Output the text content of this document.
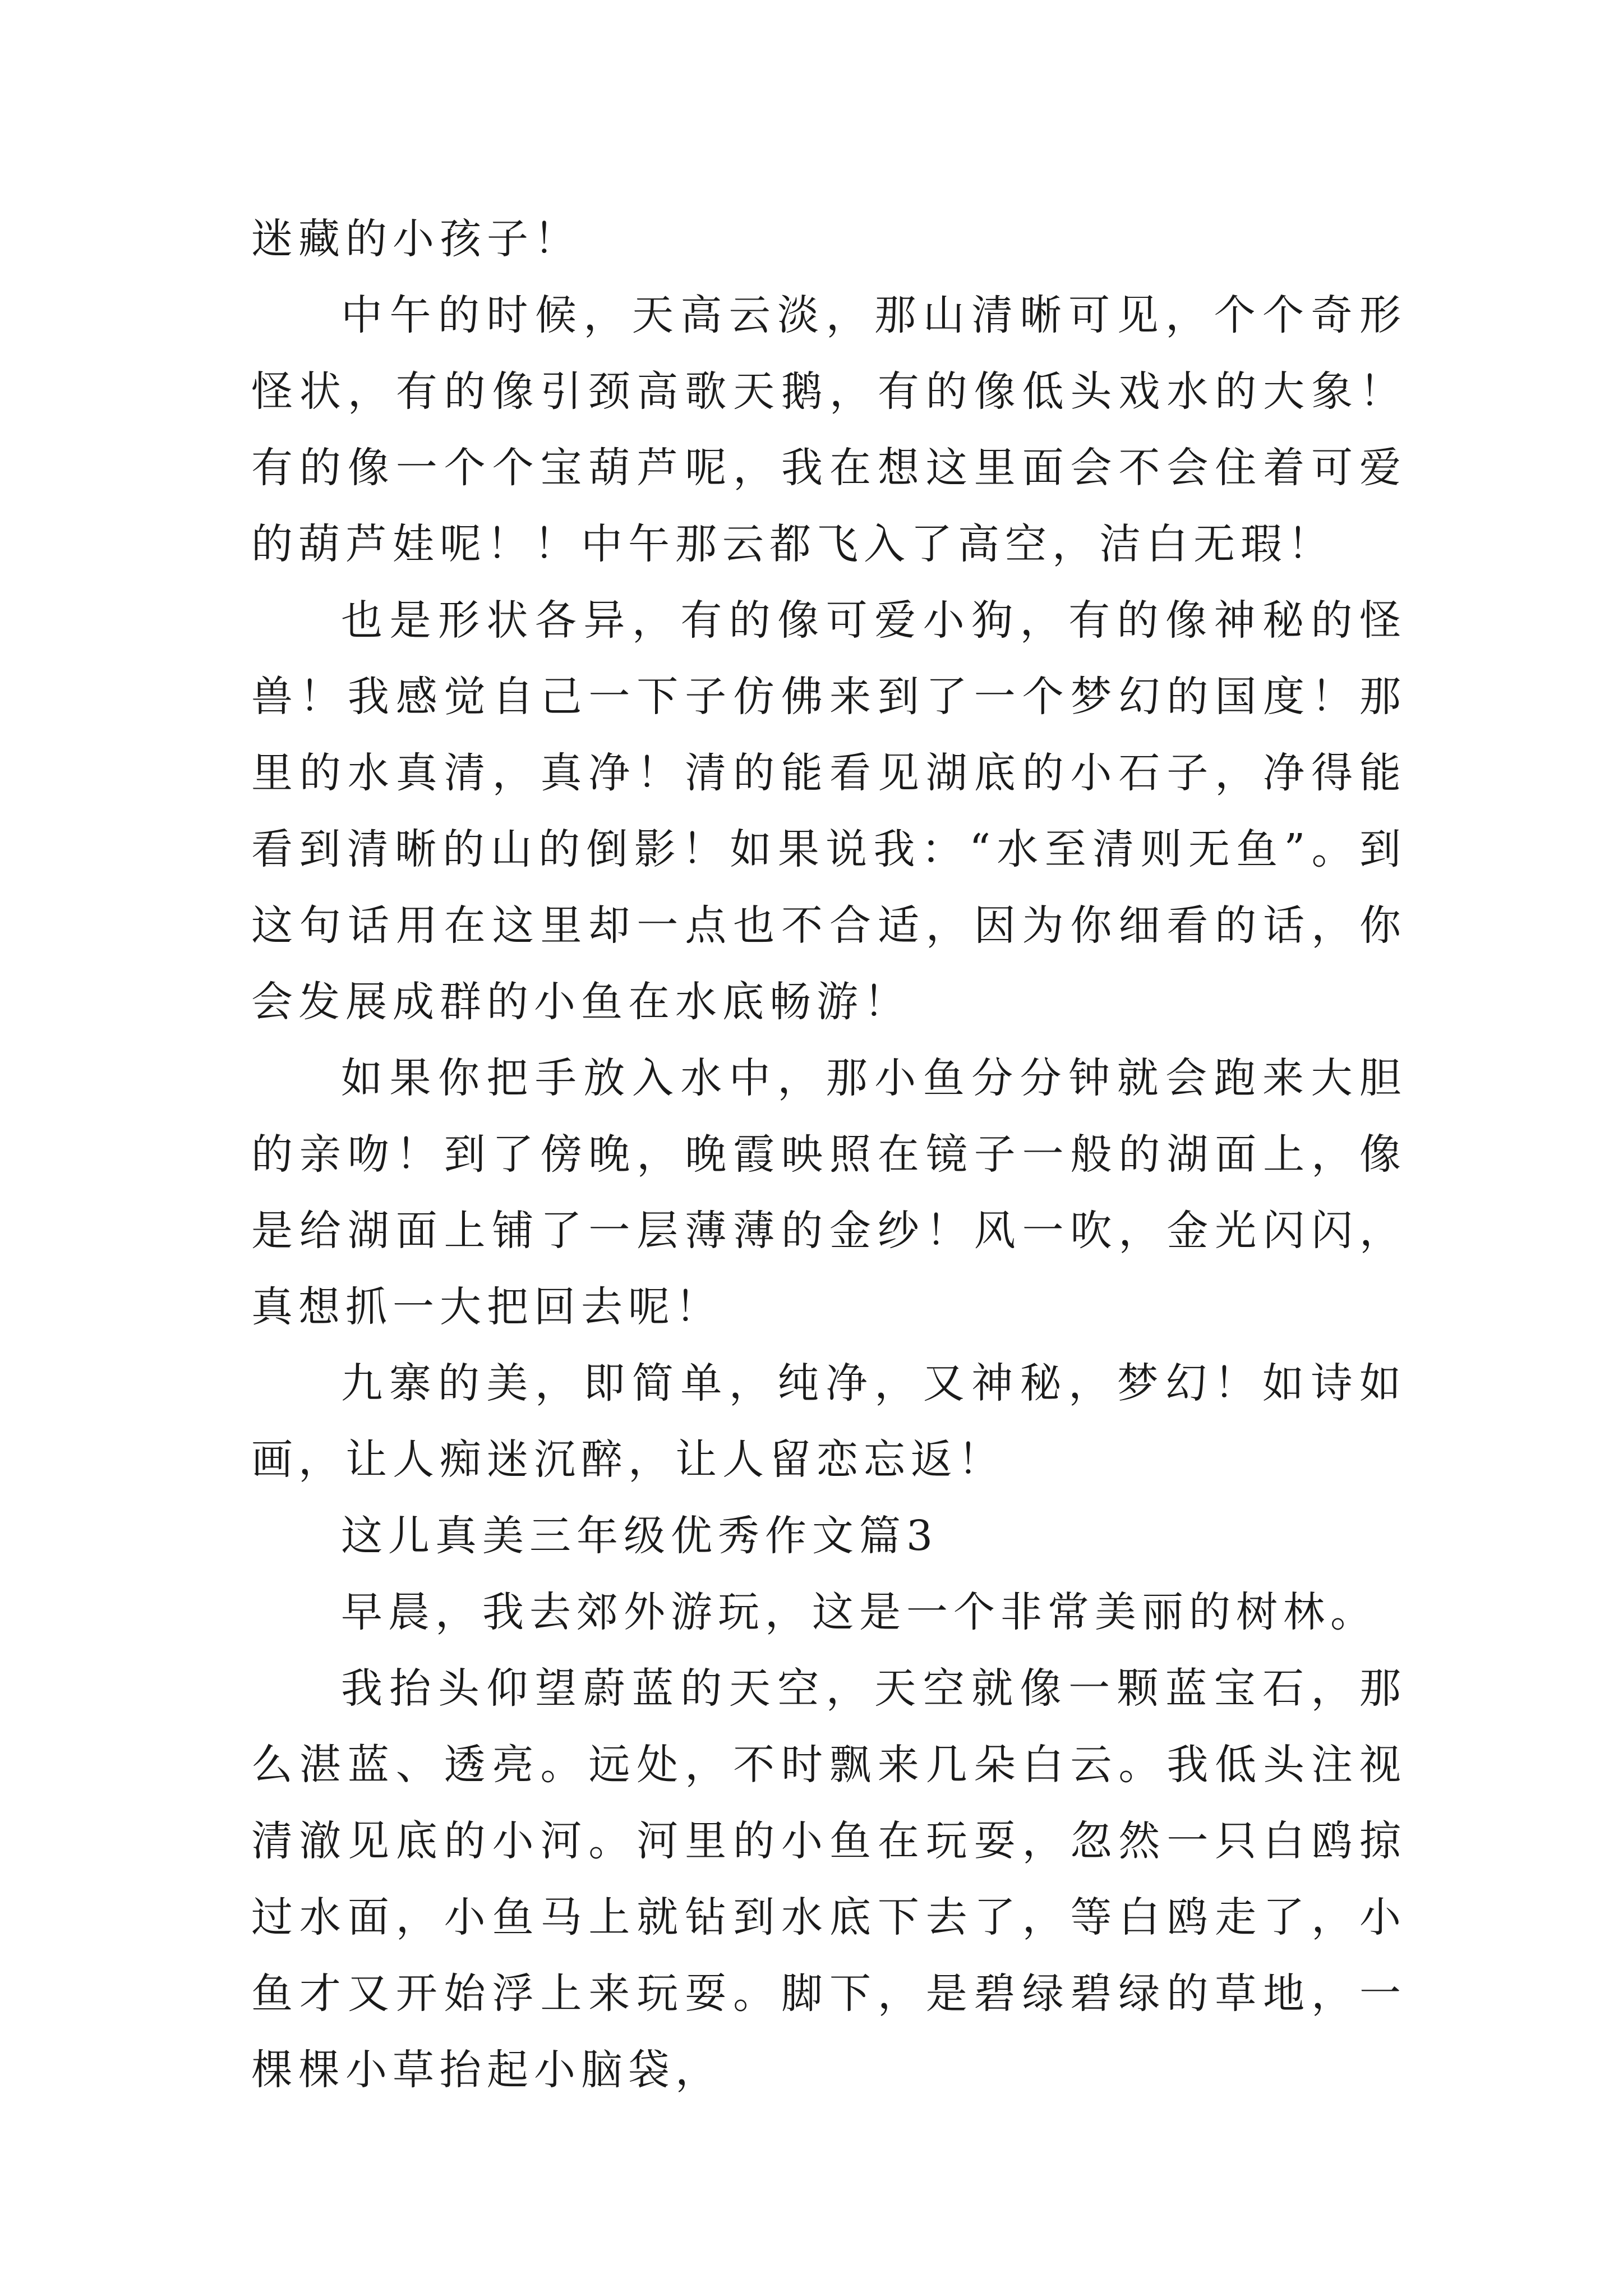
迷藏的小孩子！

中午的时候，天高云淡，那山清晰可见，个个奇形怪状，有的像引颈高歌天鹅，有的像低头戏水的大象！有的像一个个宝葫芦呢，我在想这里面会不会住着可爱的葫芦娃呢！！中午那云都飞入了高空，洁白无瑕！

也是形状各异，有的像可爱小狗，有的像神秘的怪兽！我感觉自己一下子仿佛来到了一个梦幻的国度！那里的水真清，真净！清的能看见湖底的小石子，净得能看到清晰的山的倒影！如果说我：“水至清则无鱼”。到这句话用在这里却一点也不合适，因为你细看的话，你会发展成群的小鱼在水底畅游！

如果你把手放入水中，那小鱼分分钟就会跑来大胆的亲吻！到了傍晚，晚霞映照在镜子一般的湖面上，像是给湖面上铺了一层薄薄的金纱！风一吹，金光闪闪，真想抓一大把回去呢！

九寨的美，即简单，纯净，又神秘，梦幻！如诗如画，让人痴迷沉醉，让人留恋忘返！

这儿真美三年级优秀作文篇3

早晨，我去郊外游玩，这是一个非常美丽的树林。

我抬头仰望蔚蓝的天空，天空就像一颗蓝宝石，那么湛蓝、透亮。远处，不时飘来几朵白云。我低头注视清澈见底的小河。河里的小鱼在玩耍，忽然一只白鸥掠过水面，小鱼马上就钻到水底下去了，等白鸥走了，小鱼才又开始浮上来玩耍。脚下，是碧绿碧绿的草地，一棵棵小草抬起小脑袋，
